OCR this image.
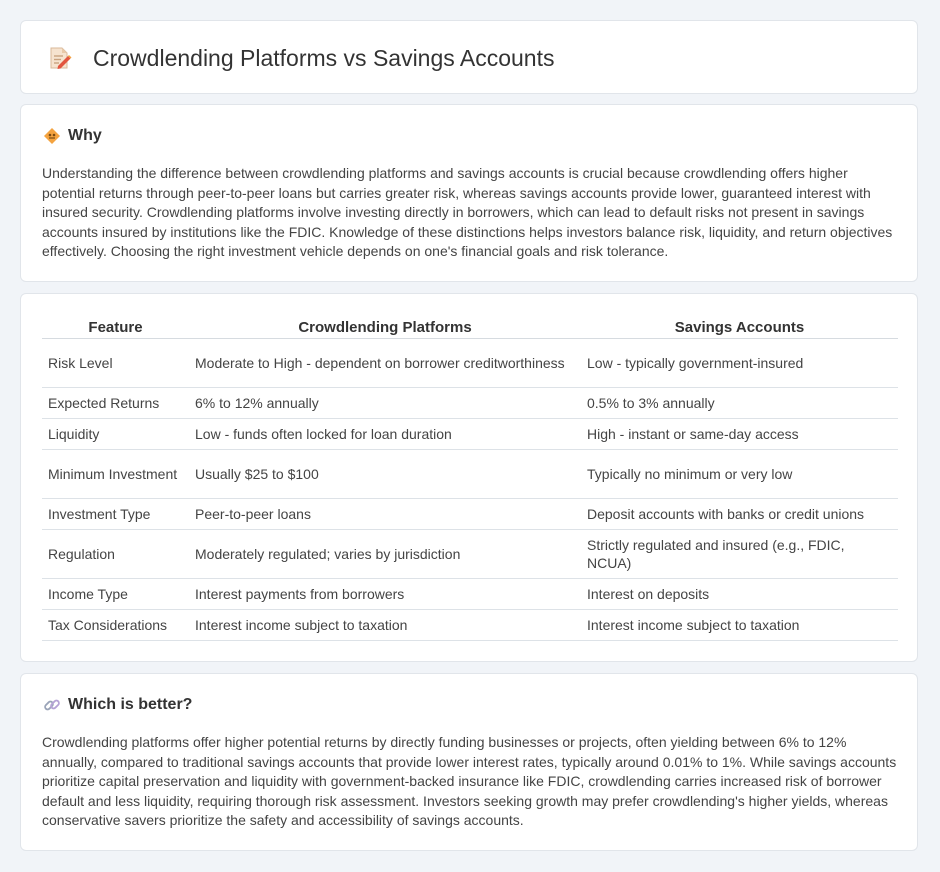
Crowdlending Platforms vs Savings Accounts
Why

Understanding the difference between crowdlending platforms and savings accounts is crucial because crowdlending offers higher potential returns through peer-to-peer loans but carries greater risk, whereas savings accounts provide lower, guaranteed interest with insured security. Crowdlending platforms involve investing directly in borrowers, which can lead to default risks not present in savings accounts insured by institutions like the FDIC. Knowledge of these distinctions helps investors balance risk, liquidity, and return objectives effectively. Choosing the right investment vehicle depends on one's financial goals and risk tolerance.

Feature	Crowdlending Platforms	Savings Accounts
Risk Level	Moderate to High - dependent on borrower creditworthiness	Low - typically government-insured
Expected Returns	6% to 12% annually	0.5% to 3% annually
Liquidity	Low - funds often locked for loan duration	High - instant or same-day access
Minimum Investment	Usually $25 to $100	Typically no minimum or very low
Investment Type	Peer-to-peer loans	Deposit accounts with banks or credit unions
Regulation	Moderately regulated; varies by jurisdiction	Strictly regulated and insured (e.g., FDIC, NCUA)
Income Type	Interest payments from borrowers	Interest on deposits
Tax Considerations	Interest income subject to taxation	Interest income subject to taxation
Which is better?

Crowdlending platforms offer higher potential returns by directly funding businesses or projects, often yielding between 6% to 12% annually, compared to traditional savings accounts that provide lower interest rates, typically around 0.01% to 1%. While savings accounts prioritize capital preservation and liquidity with government-backed insurance like FDIC, crowdlending carries increased risk of borrower default and less liquidity, requiring thorough risk assessment. Investors seeking growth may prefer crowdlending's higher yields, whereas conservative savers prioritize the safety and accessibility of savings accounts.
